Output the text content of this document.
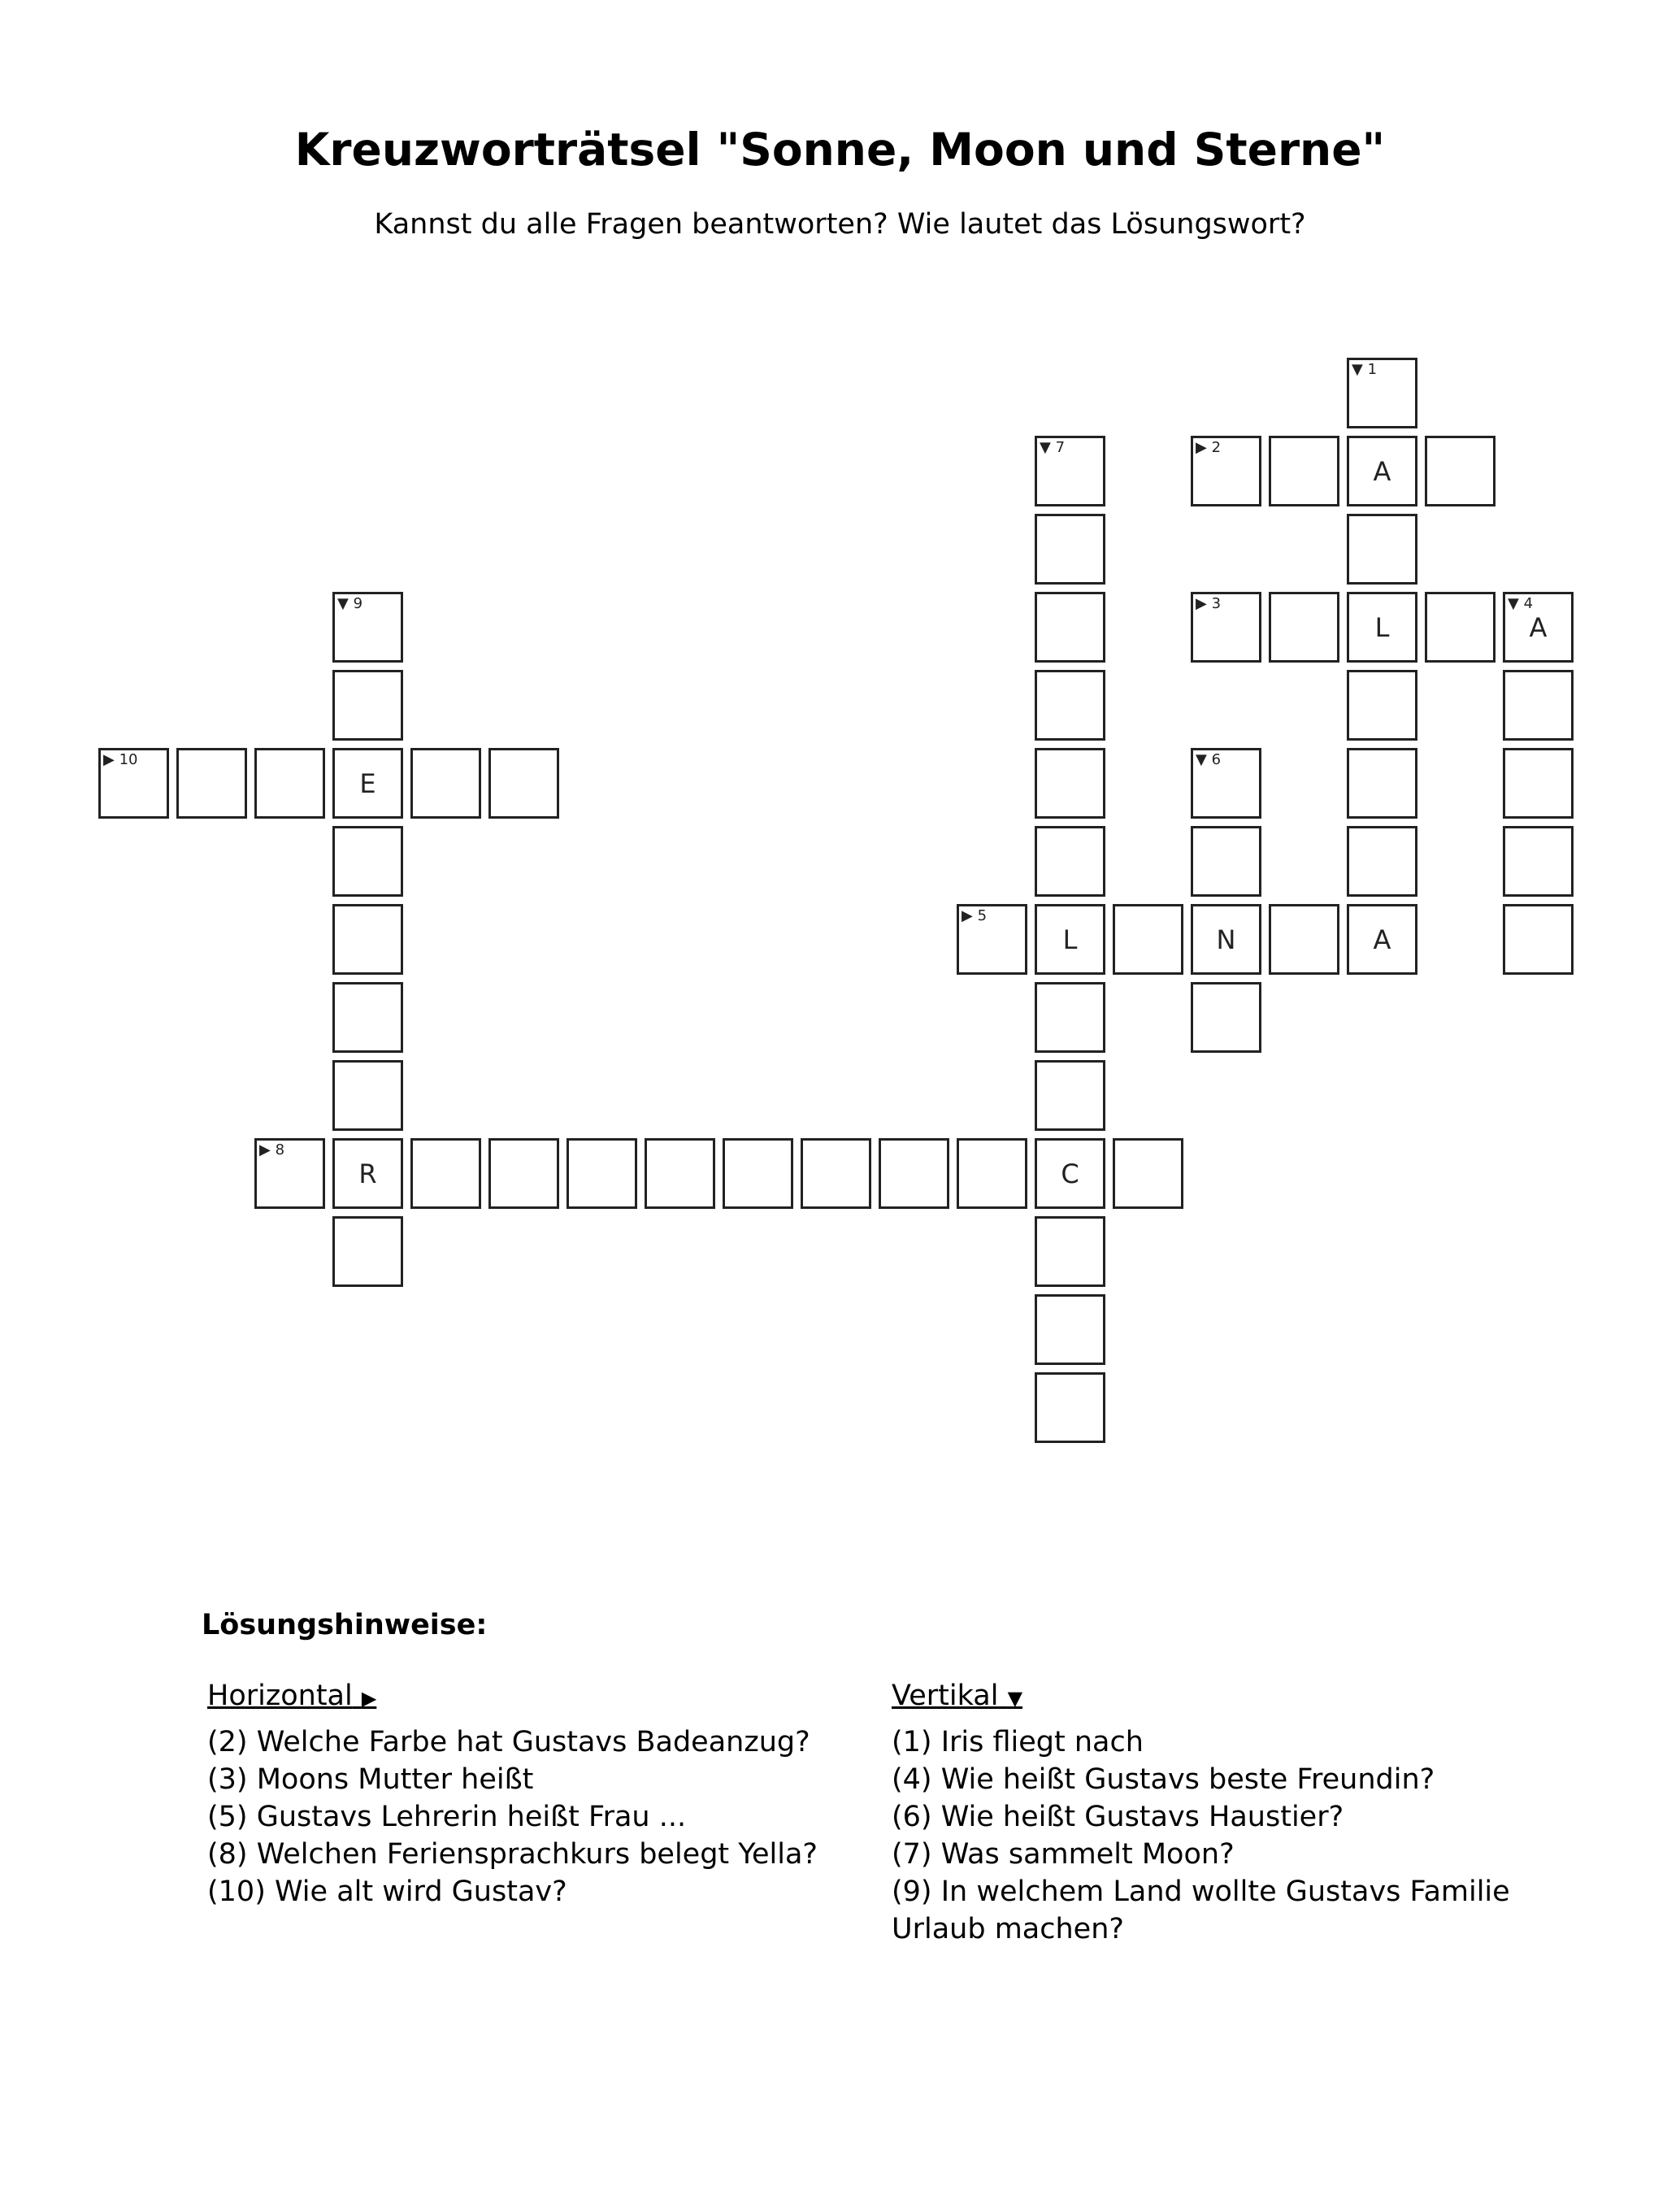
Kreuzworträtsel "Sonne, Moon und Sterne"
Kannst du alle Fragen beantworten? Wie lautet das Lösungswort?
▼ 1
▼ 7	▶ 2
A
▼ 9	▶ 3
L
▼ 4
A
▶ 10
E
▼ 6
▶ 5
L	N	A
▶ 8
R	C
Lösungshinweise:
Horizontal ▶
(2) Welche Farbe hat Gustavs Badeanzug?
(3) Moons Mutter heißt
(5) Gustavs Lehrerin heißt Frau ...
(8) Welchen Feriensprachkurs belegt Yella?
(10) Wie alt wird Gustav?
Vertikal ▼
(1) Iris fliegt nach
(4) Wie heißt Gustavs beste Freundin?
(6) Wie heißt Gustavs Haustier?
(7) Was sammelt Moon?
(9) In welchem Land wollte Gustavs Familie Urlaub machen?
